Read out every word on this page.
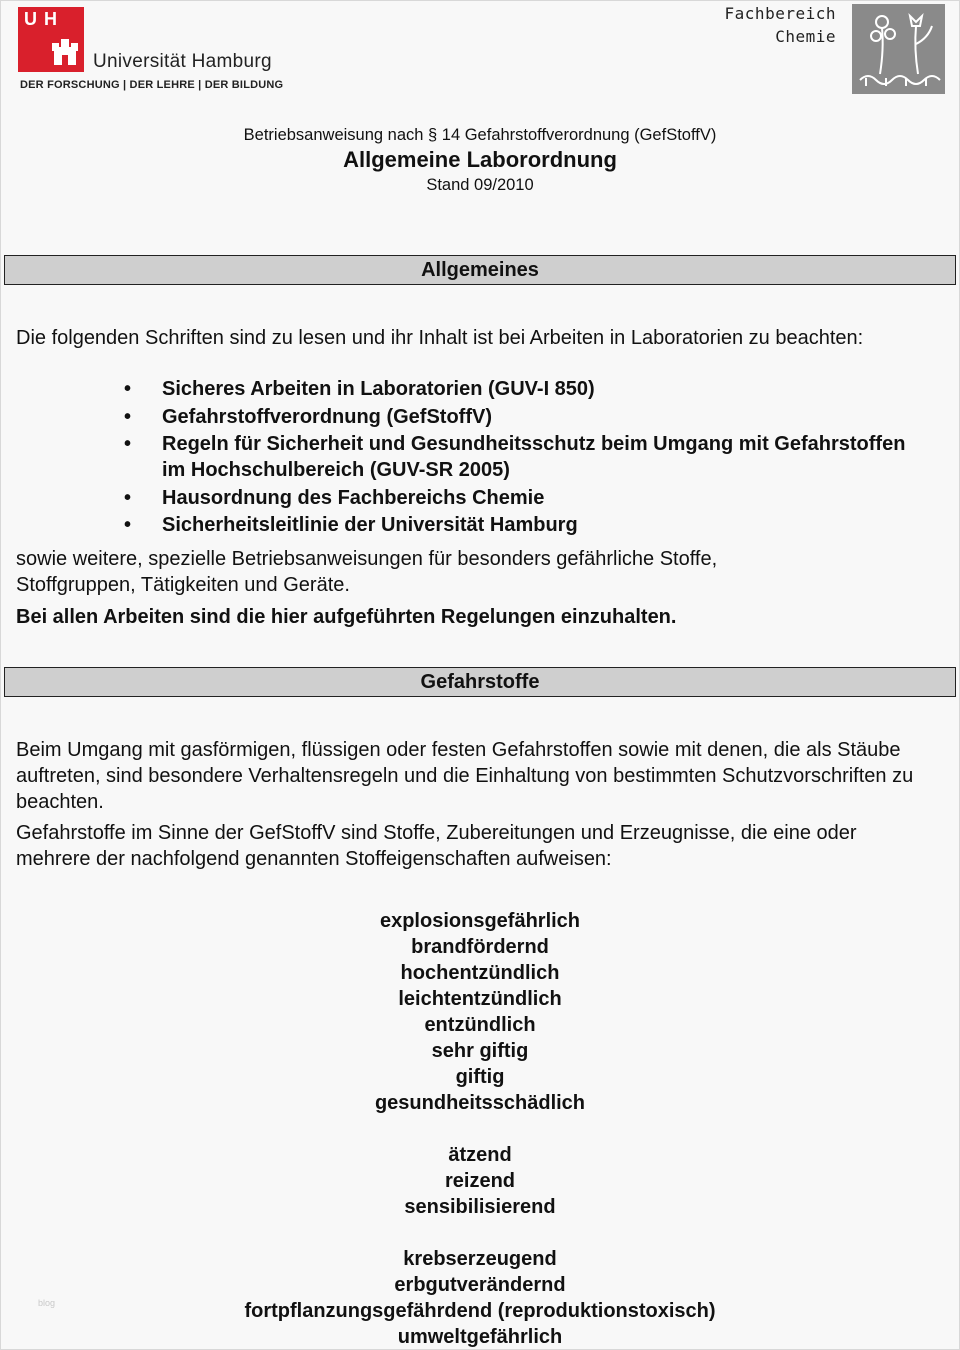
U H
Universität Hamburg
DER FORSCHUNG | DER LEHRE | DER BILDUNG
Fachbereich
Chemie
Betriebsanweisung nach § 14 Gefahrstoffverordnung (GefStoffV)
Allgemeine Laborordnung
Stand 09/2010
Allgemeines
Die folgenden Schriften sind zu lesen und ihr Inhalt ist bei Arbeiten in Laboratorien zu beachten:
• Sicheres Arbeiten in Laboratorien (GUV-I 850)
• Gefahrstoffverordnung (GefStoffV)
• Regeln für Sicherheit und Gesundheitsschutz beim Umgang mit Gefahrstoffen im Hochschulbereich (GUV-SR 2005)
• Hausordnung des Fachbereichs Chemie
• Sicherheitsleitlinie der Universität Hamburg
sowie weitere, spezielle Betriebsanweisungen für besonders gefährliche Stoffe, Stoffgruppen, Tätigkeiten und Geräte.
Bei allen Arbeiten sind die hier aufgeführten Regelungen einzuhalten.
Gefahrstoffe
Beim Umgang mit gasförmigen, flüssigen oder festen Gefahrstoffen sowie mit denen, die als Stäube auftreten, sind besondere Verhaltensregeln und die Einhaltung von bestimmten Schutzvorschriften zu beachten.
Gefahrstoffe im Sinne der GefStoffV sind Stoffe, Zubereitungen und Erzeugnisse, die eine oder mehrere der nachfolgend genannten Stoffeigenschaften aufweisen:
explosionsgefährlich
brandfördernd
hochentzündlich
leichtentzündlich
entzündlich
sehr giftig
giftig
gesundheitsschädlich
ätzend
reizend
sensibilisierend
krebserzeugend
erbgutverändernd
fortpflanzungsgefährdend (reproduktionstoxisch)
umweltgefährlich
blog
